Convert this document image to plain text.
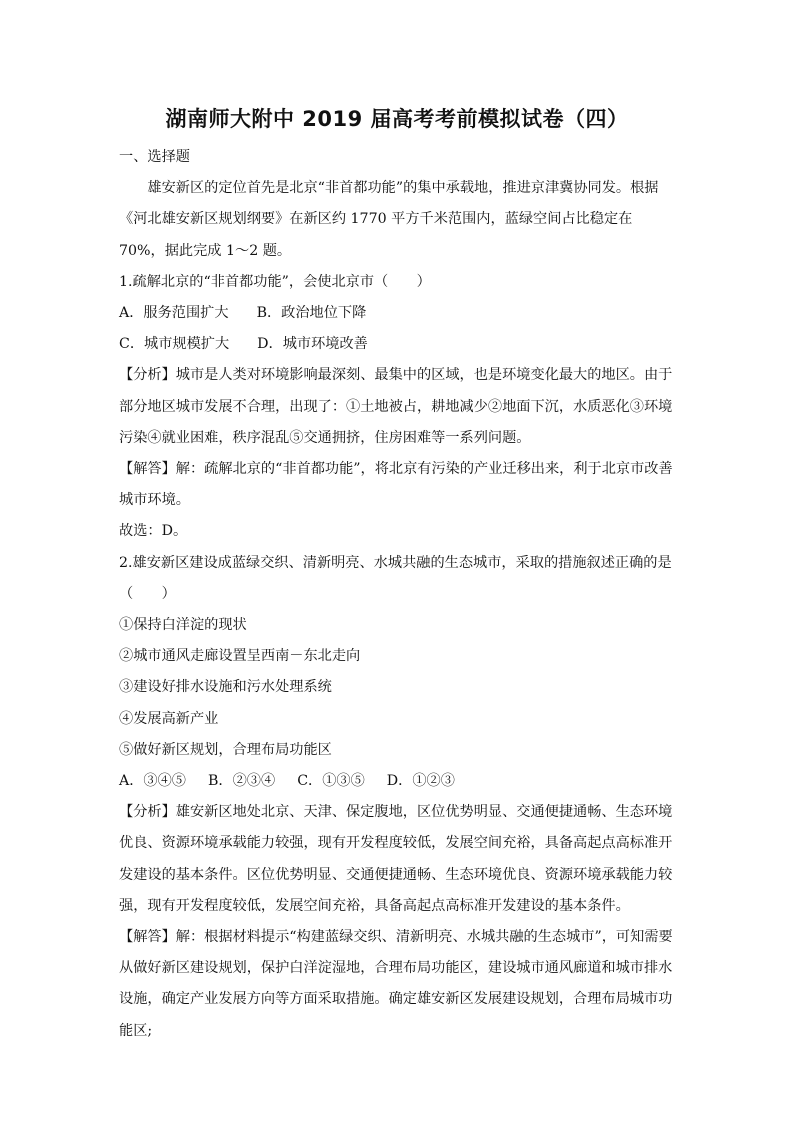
湖南师大附中 2019 届高考考前模拟试卷（四）

一、选择题

雄安新区的定位首先是北京“非首都功能”的集中承载地，推进京津冀协同发。根据《河北雄安新区规划纲要》在新区约 1770 平方千米范围内，蓝绿空间占比稳定在 70%，据此完成 1～2 题。

1.疏解北京的“非首都功能”，会使北京市（　　）

A．服务范围扩大 B．政治地位下降

C．城市规模扩大 D．城市环境改善

【分析】城市是人类对环境影响最深刻、最集中的区域，也是环境变化最大的地区。由于部分地区城市发展不合理，出现了：①土地被占，耕地减少②地面下沉，水质恶化③环境污染④就业困难，秩序混乱⑤交通拥挤，住房困难等一系列问题。

【解答】解：疏解北京的“非首都功能”，将北京有污染的产业迁移出来，利于北京市改善城市环境。

故选：D。

2.雄安新区建设成蓝绿交织、清新明亮、水城共融的生态城市，采取的措施叙述正确的是（　　）

①保持白洋淀的现状

②城市通风走廊设置呈西南－东北走向

③建设好排水设施和污水处理系统

④发展高新产业

⑤做好新区规划，合理布局功能区

A．③④⑤ B．②③④ C．①③⑤ D．①②③

【分析】雄安新区地处北京、天津、保定腹地，区位优势明显、交通便捷通畅、生态环境优良、资源环境承载能力较强，现有开发程度较低，发展空间充裕，具备高起点高标准开发建设的基本条件。区位优势明显、交通便捷通畅、生态环境优良、资源环境承载能力较强，现有开发程度较低，发展空间充裕，具备高起点高标准开发建设的基本条件。

【解答】解：根据材料提示“构建蓝绿交织、清新明亮、水城共融的生态城市”，可知需要从做好新区建设规划，保护白洋淀湿地，合理布局功能区，建设城市通风廊道和城市排水设施，确定产业发展方向等方面采取措施。确定雄安新区发展建设规划，合理布局城市功能区;
